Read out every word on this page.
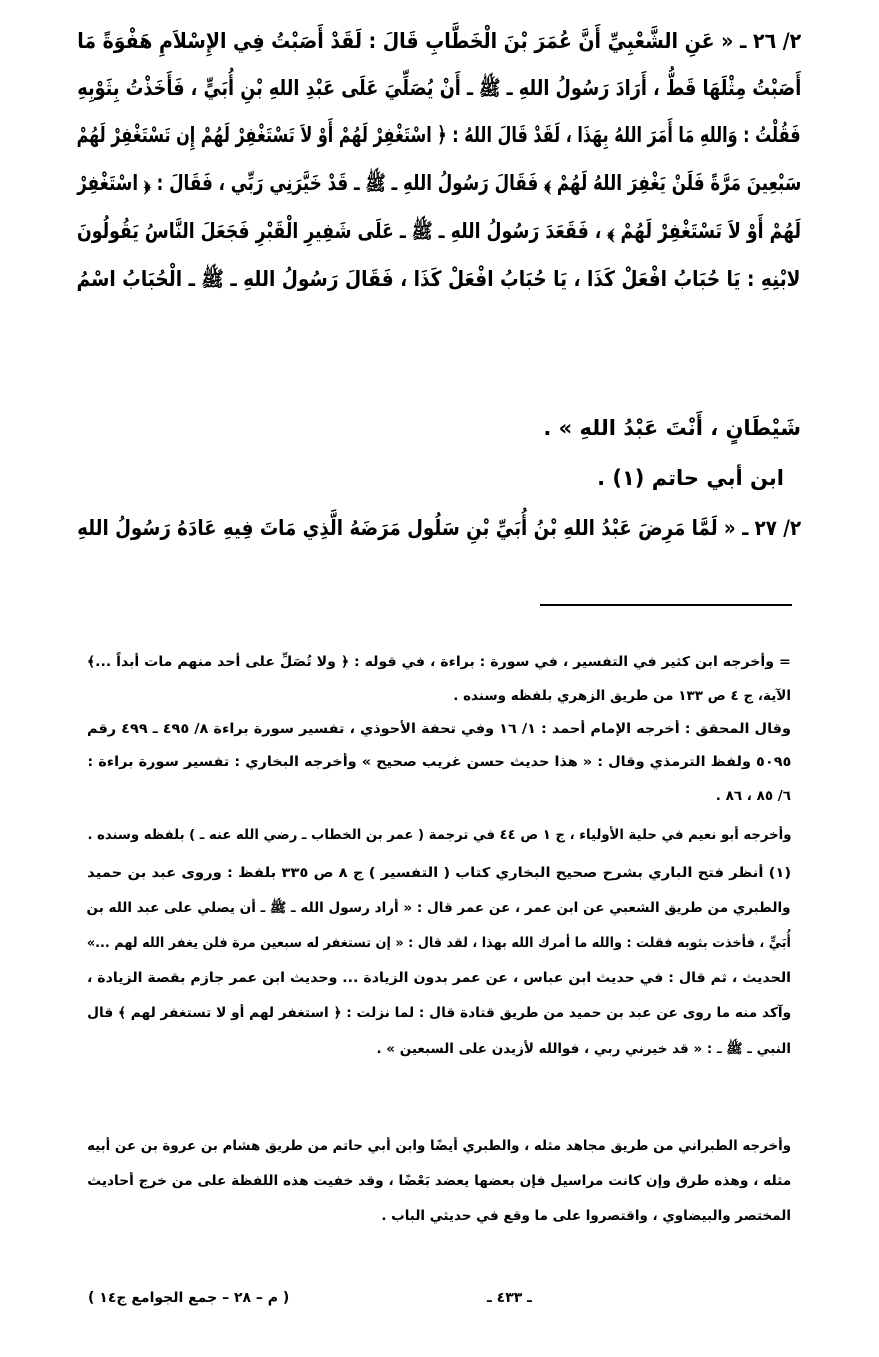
٢/ ٢٦ ـ « عَنِ الشَّعْبِيِّ أَنَّ عُمَرَ بْنَ الْخَطَّابِ قَالَ : لَقَدْ أَصَبْتُ فِي الإِسْلاَمِ هَفْوَةً مَا
أَصَبْتُ مِثْلَهَا قَطُّ ، أَرَادَ رَسُولُ اللهِ ـ ﷺ ـ أَنْ يُصَلِّيَ عَلَى عَبْدِ اللهِ بْنِ أُبَيٍّ ، فَأَخَذْتُ بِثَوْبِهِ
فَقُلْتُ : وَاللهِ مَا أَمَرَ اللهُ بِهَذَا ، لَقَدْ قَالَ اللهُ : ﴿ اسْتَغْفِرْ لَهُمْ أَوْ لاَ تَسْتَغْفِرْ لَهُمْ إِن تَسْتَغْفِرْ لَهُمْ
سَبْعِينَ مَرَّةً فَلَنْ يَغْفِرَ اللهُ لَهُمْ ﴾ فَقَالَ رَسُولُ اللهِ ـ ﷺ ـ قَدْ خَيَّرَنِي رَبِّي ، فَقَالَ : ﴿ اسْتَغْفِرْ
لَهُمْ أَوْ لاَ تَسْتَغْفِرْ لَهُمْ ﴾ ، فَقَعَدَ رَسُولُ اللهِ ـ ﷺ ـ عَلَى شَفِيرِ الْقَبْرِ فَجَعَلَ النَّاسُ يَقُولُونَ
لابْنِهِ : يَا حُبَابُ افْعَلْ كَذَا ، يَا حُبَابُ افْعَلْ كَذَا ، فَقَالَ رَسُولُ اللهِ ـ ﷺ ـ الْحُبَابُ اسْمُ
شَيْطَانٍ ، أَنْتَ عَبْدُ اللهِ » .
ابن أبي حاتم (١) .
٢/ ٢٧ ـ « لَمَّا مَرِضَ عَبْدُ اللهِ بْنُ أُبَيِّ بْنِ سَلُول مَرَضَهُ الَّذِي مَاتَ فِيهِ عَادَهُ رَسُولُ اللهِ
= وأخرجه ابن كثير في التفسير ، في سورة : براءة ، في قوله : ﴿ ولا تُصَلِّ على أحد منهم مات أبداً ...﴾
الآية، ج ٤ ص ١٣٣ من طريق الزهري بلفظه وسنده .
وقال المحقق : أخرجه الإمام أحمد : ١/ ١٦ وفي تحفة الأحوذي ، تفسير سورة براءة ٨/ ٤٩٥ ـ ٤٩٩ رقم
٥٠٩٥ ولفظ الترمذي وقال : « هذا حديث حسن غريب صحيح » وأخرجه البخاري : تفسير سورة براءة :
٦/ ٨٥ ، ٨٦ .
وأخرجه أبو نعيم في حلية الأولياء ، ج ١ ص ٤٤ في ترجمة ( عمر بن الخطاب ـ رضي الله عنه ـ ) بلفظه وسنده .
(١) أنظر فتح الباري بشرح صحيح البخاري كتاب ( التفسير ) ج ٨ ص ٣٣٥ بلفظ : وروى عبد بن حميد
والطبري من طريق الشعبي عن ابن عمر ، عن عمر قال : « أراد رسول الله ـ ﷺ ـ أن يصلي على عبد الله بن
أُبَيٍّ ، فأخذت بثوبه فقلت : والله ما أمرك الله بهذا ، لقد قال : « إن تستغفر له سبعين مرة فلن يغفر الله لهم ...»
الحديث ، ثم قال : في حديث ابن عباس ، عن عمر بدون الزيادة ... وحديث ابن عمر جازم بقصة الزيادة ،
وآكد منه ما روى عن عبد بن حميد من طريق قتادة قال : لما نزلت : ﴿ استغفر لهم أو لا تستغفر لهم ﴾ قال
النبي ـ ﷺ ـ : « قد خيرني ربي ، فوالله لأزيدن على السبعين » .
وأخرجه الطبراني من طريق مجاهد مثله ، والطبري أيضًا وابن أبي حاتم من طريق هشام بن عروة بن عن أبيه
مثله ، وهذه طرق وإن كانت مراسيل فإن بعضها يعضد بَعْضًا ، وقد خفيت هذه اللفظة على من خرج أحاديث
المختصر والبيضاوي ، واقتصروا على ما وقع في حديثي الباب .
ـ ٤٣٣ ـ
( م – ٢٨ – جمع الجوامع ج١٤ )
